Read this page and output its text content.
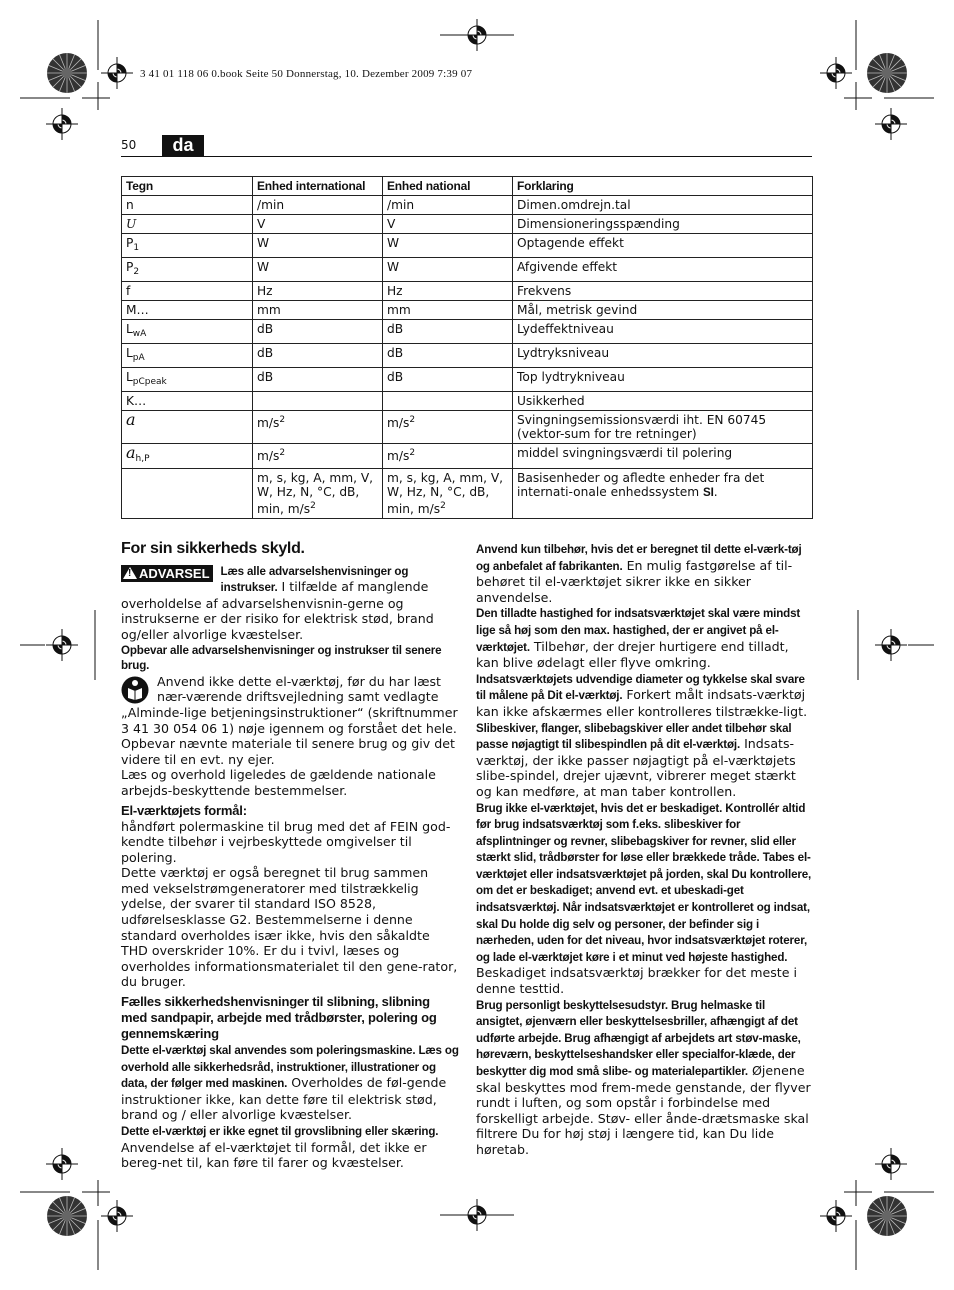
3 41 01 118 06 0.book Seite 50 Donnerstag, 10. Dezember 2009 7:39 07
50	da
Tegn	Enhed international	Enhed national	Forklaring
n	/min	/min	Dimen.omdrejn.tal
U	V	V	Dimensioneringsspænding
$P_1$	W	W	Optagende effekt
$P_2$	W	W	Afgivende effekt
f	Hz	Hz	Frekvens
M…	mm	mm	Mål, metrisk gevind
$L_{wA}$	dB	dB	Lydeffektniveau
$L_{pA}$	dB	dB	Lydtryksniveau
$L_{pCpeak}$	dB	dB	Top lydtrykniveau
K…			Usikkerhed
a	$m/s^2$	$m/s^2$	Svingningsemissionsværdi iht. EN 60745 (vektor-sum for tre retninger)
$a_{h,P}$	$m/s^2$	$m/s^2$	middel svingningsværdi til polering
	m, s, kg, A, mm, V, W, Hz, N, °C, dB, min, $m/s^2$	m, s, kg, A, mm, V, W, Hz, N, °C, dB, min, $m/s^2$	Basisenheder og afledte enheder fra det internati-onale enhedssystem SI.

For sin sikkerheds skyld.

!ADVARSEL Læs alle advarselshenvisninger og instrukser. I tilfælde af manglende overholdelse af advarselshenvisnin-gerne og instrukserne er der risiko for elektrisk stød, brand og/eller alvorlige kvæstelser.

Opbevar alle advarselshenvisninger og instrukser til senere brug.

Anvend ikke dette el-værktøj, før du har læst nær-værende driftsvejledning samt vedlagte „Alminde-lige betjeningsinstruktioner“ (skriftnummer 3 41 30 054 06 1) nøje igennem og forstået det hele. Opbevar nævnte materiale til senere brug og giv det videre til en evt. ny ejer.

Læs og overhold ligeledes de gældende nationale arbejds-beskyttende bestemmelser.

El-værktøjets formål:

håndført polermaskine til brug med det af FEIN god-kendte tilbehør i vejrbeskyttede omgivelser til polering.

Dette værktøj er også beregnet til brug sammen med vekselstrømgeneratorer med tilstrækkelig ydelse, der svarer til standard ISO 8528, udførelsesklasse G2. Bestemmelserne i denne standard overholdes især ikke, hvis den såkaldte THD overskrider 10%. Er du i tvivl, læses og overholdes informationsmaterialet til den gene-rator, du bruger.

Fælles sikkerhedshenvisninger til slibning, slibning med sandpapir, arbejde med trådbørster, polering og gennemskæring

Dette el-værktøj skal anvendes som poleringsmaskine. Læs og overhold alle sikkerhedsråd, instruktioner, illustrationer og data, der følger med maskinen. Overholdes de føl-gende instruktioner ikke, kan dette føre til elektrisk stød, brand og / eller alvorlige kvæstelser.

Dette el-værktøj er ikke egnet til grovslibning eller skæring. Anvendelse af el-værktøjet til formål, det ikke er bereg-net til, kan føre til farer og kvæstelser.

Anvend kun tilbehør, hvis det er beregnet til dette el-værk-tøj og anbefalet af fabrikanten. En mulig fastgørelse af til-behøret til el-værktøjet sikrer ikke en sikker anvendelse.

Den tilladte hastighed for indsatsværktøjet skal være mindst lige så høj som den max. hastighed, der er angivet på el-værktøjet. Tilbehør, der drejer hurtigere end tilladt, kan blive ødelagt eller flyve omkring.

Indsatsværktøjets udvendige diameter og tykkelse skal svare til målene på Dit el-værktøj. Forkert målt indsats-værktøj kan ikke afskærmes eller kontrolleres tilstrække-ligt.

Slibeskiver, flanger, slibebagskiver eller andet tilbehør skal passe nøjagtigt til slibespindlen på dit el-værktøj. Indsats-værktøj, der ikke passer nøjagtigt på el-værktøjets slibe-spindel, drejer ujævnt, vibrerer meget stærkt og kan medføre, at man taber kontrollen.

Brug ikke el-værktøjet, hvis det er beskadiget. Kontrollér altid før brug indsatsværktøj som f.eks. slibeskiver for afsplintninger og revner, slibebagskiver for revner, slid eller stærkt slid, trådbørster for løse eller brækkede tråde. Tabes el-værktøjet eller indsatsværktøjet på jorden, skal Du kontrollere, om det er beskadiget; anvend evt. et ubeskadi-get indsatsværktøj. Når indsatsværktøjet er kontrolleret og indsat, skal Du holde dig selv og personer, der befinder sig i nærheden, uden for det niveau, hvor indsatsværktøjet roterer, og lade el-værktøjet køre i et minut ved højeste hastighed. Beskadiget indsatsværktøj brækker for det meste i denne testtid.

Brug personligt beskyttelsesudstyr. Brug helmaske til ansigtet, øjenværn eller beskyttelsesbriller, afhængigt af det udførte arbejde. Brug afhængigt af arbejdets art støv-maske, høreværn, beskyttelseshandsker eller specialfor-klæde, der beskytter dig mod små slibe- og materialepartikler. Øjenene skal beskyttes mod frem-mede genstande, der flyver rundt i luften, og som opstår i forbindelse med forskelligt arbejde. Støv- eller ånde-drætsmaske skal filtrere Du for høj støj i længere tid, kan Du lide høretab.
